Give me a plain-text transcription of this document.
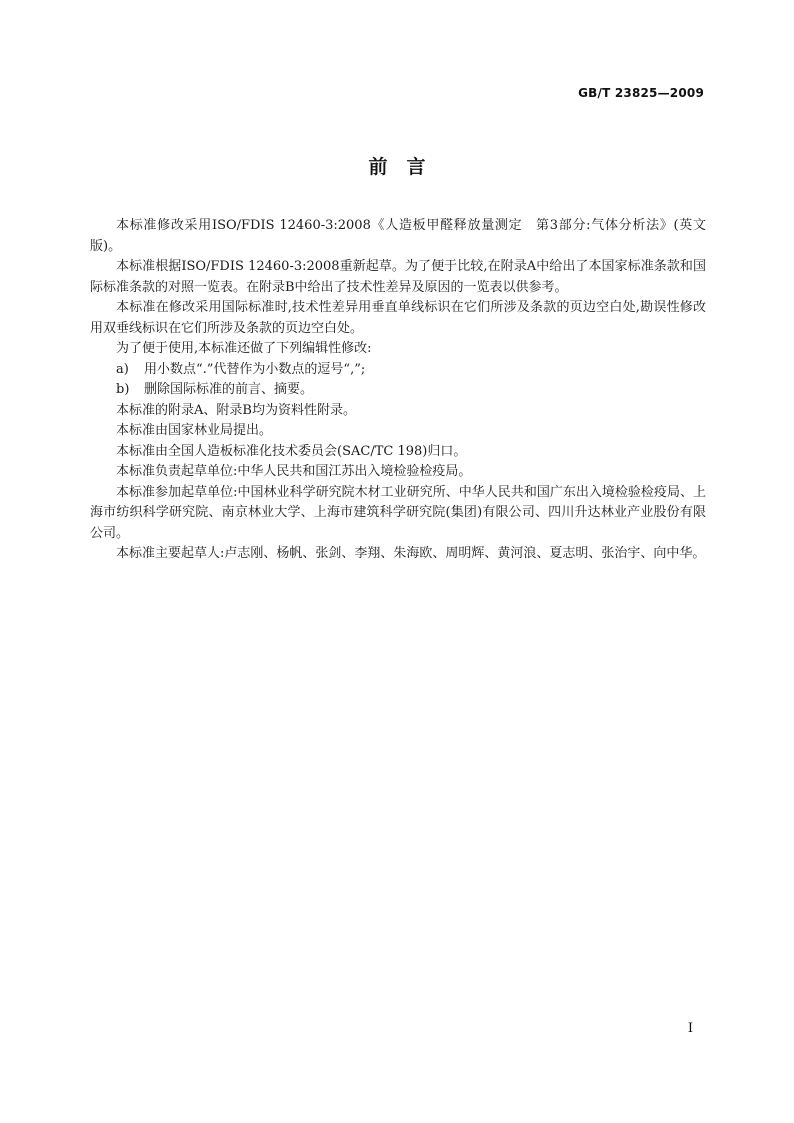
GB/T 23825—2009
前　言

本标准修改采用ISO/FDIS 12460-3:2008《人造板甲醛释放量测定　第3部分:气体分析法》(英文版)。

本标准根据ISO/FDIS 12460-3:2008重新起草。为了便于比较,在附录A中给出了本国家标准条款和国际标准条款的对照一览表。在附录B中给出了技术性差异及原因的一览表以供参考。

本标准在修改采用国际标准时,技术性差异用垂直单线标识在它们所涉及条款的页边空白处,勘误性修改用双垂线标识在它们所涉及条款的页边空白处。

为了便于使用,本标准还做了下列编辑性修改:

a) 用小数点“.”代替作为小数点的逗号“,”;

b) 删除国际标准的前言、摘要。

本标准的附录A、附录B均为资料性附录。

本标准由国家林业局提出。

本标准由全国人造板标准化技术委员会(SAC/TC 198)归口。

本标准负责起草单位:中华人民共和国江苏出入境检验检疫局。

本标准参加起草单位:中国林业科学研究院木材工业研究所、中华人民共和国广东出入境检验检疫局、上海市纺织科学研究院、南京林业大学、上海市建筑科学研究院(集团)有限公司、四川升达林业产业股份有限公司。

本标准主要起草人:卢志刚、杨帆、张剑、李翔、朱海欧、周明辉、黄河浪、夏志明、张治宇、向中华。

I
